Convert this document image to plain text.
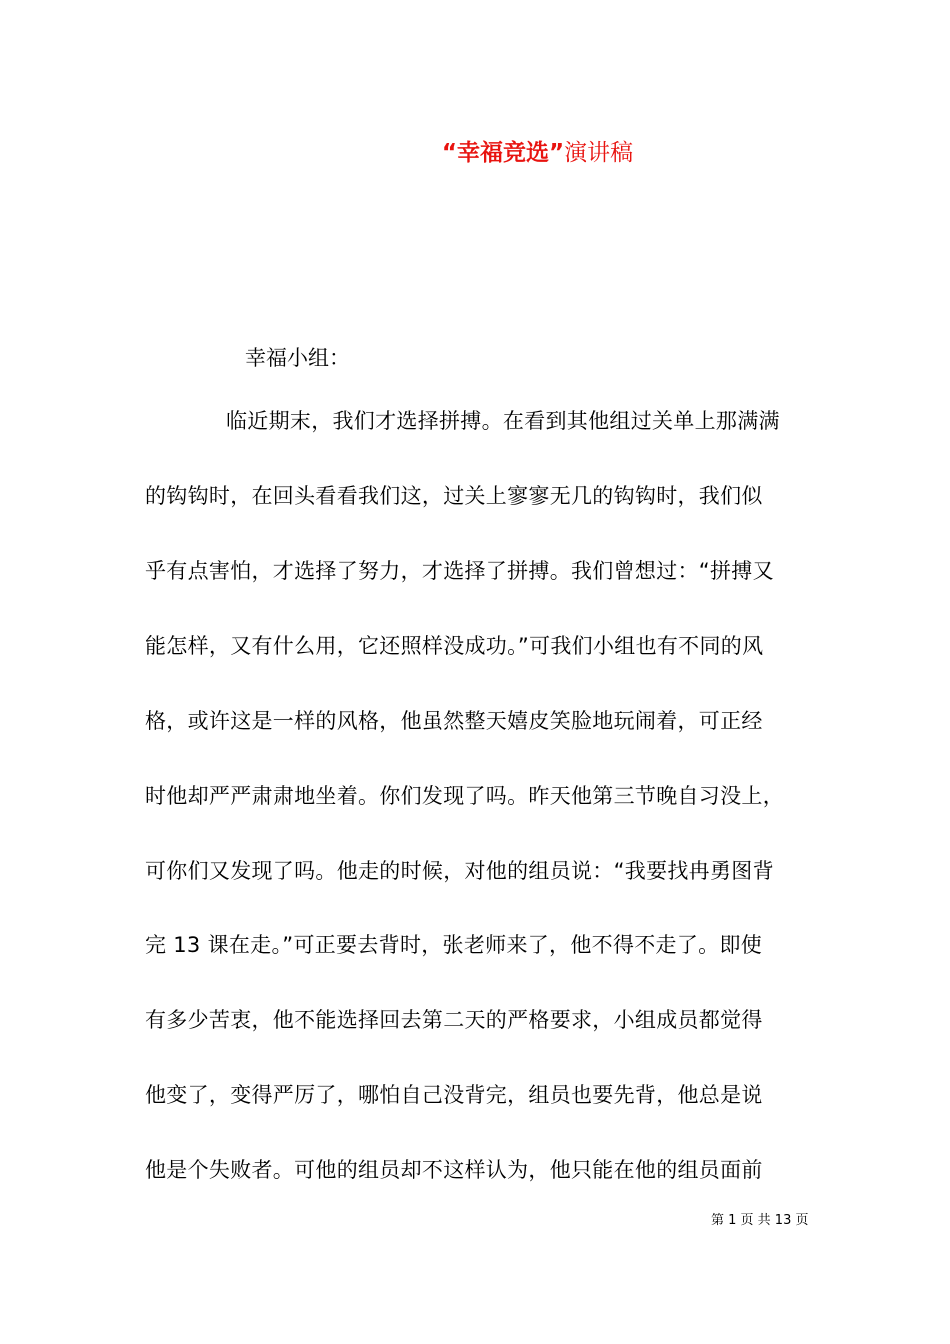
“幸福竞选”演讲稿
幸福小组：
临近期末，我们才选择拼搏。在看到其他组过关单上那满满
的钩钩时，在回头看看我们这，过关上寥寥无几的钩钩时，我们似
乎有点害怕，才选择了努力，才选择了拼搏。我们曾想过：“拼搏又
能怎样，又有什么用，它还照样没成功。”可我们小组也有不同的风
格，或许这是一样的风格，他虽然整天嬉皮笑脸地玩闹着，可正经
时他却严严肃肃地坐着。你们发现了吗。昨天他第三节晚自习没上，
可你们又发现了吗。他走的时候，对他的组员说：“我要找冉勇图背
完 13 课在走。”可正要去背时，张老师来了，他不得不走了。即使
有多少苦衷，他不能选择回去第二天的严格要求，小组成员都觉得
他变了，变得严厉了，哪怕自己没背完，组员也要先背，他总是说
他是个失败者。可他的组员却不这样认为，他只能在他的组员面前
第 1 页 共 13 页
